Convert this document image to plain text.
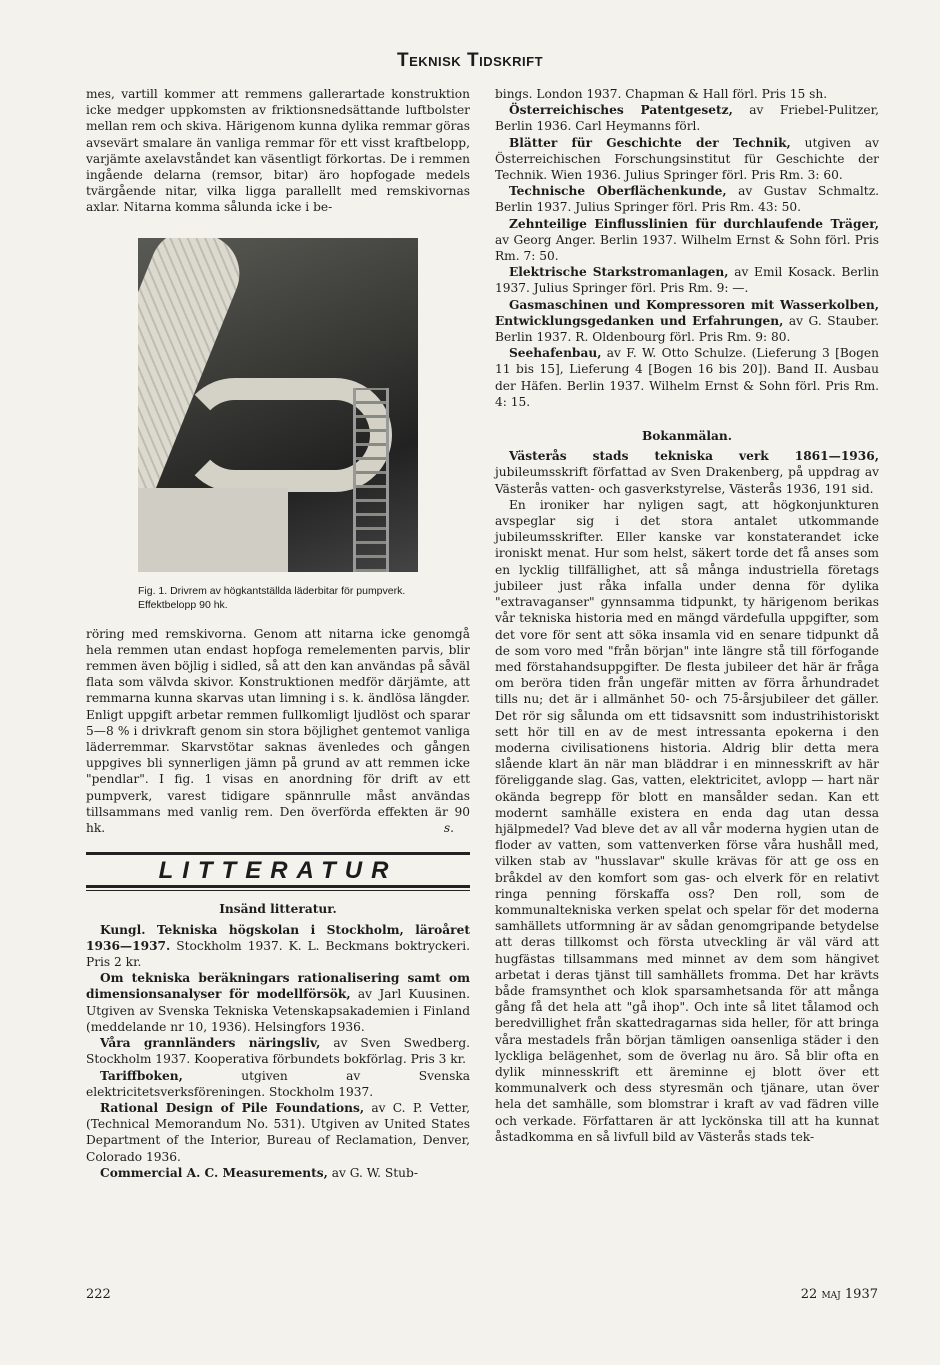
Teknisk Tidskrift

mes, vartill kommer att remmens gallerartade konstruktion icke medger uppkomsten av friktionsnedsättande luftbolster mellan rem och skiva. Härigenom kunna dylika remmar göras avsevärt smalare än vanliga remmar för ett visst kraftbelopp, varjämte axelavståndet kan väsentligt förkortas. De i remmen ingående delarna (remsor, bitar) äro hopfogade medels tvärgående nitar, vilka ligga parallellt med remskivornas axlar. Nitarna komma sålunda icke i be-

Fig. 1. Drivrem av högkantställda läderbitar för pumpverk. Effektbelopp 90 hk.

röring med remskivorna. Genom att nitarna icke genomgå hela remmen utan endast hopfoga remelementen parvis, blir remmen även böjlig i sidled, så att den kan användas på såväl flata som välvda skivor. Konstruktionen medför därjämte, att remmarna kunna skarvas utan limning i s. k. ändlösa längder. Enligt uppgift arbetar remmen fullkomligt ljudlöst och sparar 5—8 % i drivkraft genom sin stora böjlighet gentemot vanliga läderremmar. Skarvstötar saknas ävenledes och gången uppgives bli synnerligen jämn på grund av att remmen icke "pendlar". I fig. 1 visas en anordning för drift av ett pumpverk, varest tidigare spännrulle måst användas tillsammans med vanlig rem. Den överförda effekten är 90 hk.	s.

LITTERATUR
Insänd litteratur.

Kungl. Tekniska högskolan i Stockholm, läroåret 1936—1937. Stockholm 1937. K. L. Beckmans boktryckeri. Pris 2 kr.

Om tekniska beräkningars rationalisering samt om dimensionsanalyser för modellförsök, av Jarl Kuusinen. Utgiven av Svenska Tekniska Vetenskapsakademien i Finland (meddelande nr 10, 1936). Helsingfors 1936.

Våra grannländers näringsliv, av Sven Swedberg. Stockholm 1937. Kooperativa förbundets bokförlag. Pris 3 kr.

Tariffboken, utgiven av Svenska elektricitetsverksföreningen. Stockholm 1937.

Rational Design of Pile Foundations, av C. P. Vetter, (Technical Memorandum No. 531). Utgiven av United States Department of the Interior, Bureau of Reclamation, Denver, Colorado 1936.

Commercial A. C. Measurements, av G. W. Stub-

bings. London 1937. Chapman & Hall förl. Pris 15 sh.

Österreichisches Patentgesetz, av Friebel-Pulitzer, Berlin 1936. Carl Heymanns förl.

Blätter für Geschichte der Technik, utgiven av Österreichischen Forschungsinstitut für Geschichte der Technik. Wien 1936. Julius Springer förl. Pris Rm. 3: 60.

Technische Oberflächenkunde, av Gustav Schmaltz. Berlin 1937. Julius Springer förl. Pris Rm. 43: 50.

Zehnteilige Einflusslinien für durchlaufende Träger, av Georg Anger. Berlin 1937. Wilhelm Ernst & Sohn förl. Pris Rm. 7: 50.

Elektrische Starkstromanlagen, av Emil Kosack. Berlin 1937. Julius Springer förl. Pris Rm. 9: —.

Gasmaschinen und Kompressoren mit Wasserkolben, Entwicklungsgedanken und Erfahrungen, av G. Stauber. Berlin 1937. R. Oldenbourg förl. Pris Rm. 9: 80.

Seehafenbau, av F. W. Otto Schulze. (Lieferung 3 [Bogen 11 bis 15], Lieferung 4 [Bogen 16 bis 20]). Band II. Ausbau der Häfen. Berlin 1937. Wilhelm Ernst & Sohn förl. Pris Rm. 4: 15.

Bokanmälan.

Västerås stads tekniska verk 1861—1936, jubileumsskrift författad av Sven Drakenberg, på uppdrag av Västerås vatten- och gasverkstyrelse, Västerås 1936, 191 sid.

En ironiker har nyligen sagt, att högkonjunkturen avspeglar sig i det stora antalet utkommande jubileumsskrifter. Eller kanske var konstaterandet icke ironiskt menat. Hur som helst, säkert torde det få anses som en lycklig tillfällighet, att så många industriella företags jubileer just råka infalla under denna för dylika "extravaganser" gynnsamma tidpunkt, ty härigenom berikas vår tekniska historia med en mängd värdefulla uppgifter, som det vore för sent att söka insamla vid en senare tidpunkt då de som voro med "från början" inte längre stå till förfogande med förstahandsuppgifter. De flesta jubileer det här är fråga om beröra tiden från ungefär mitten av förra århundradet tills nu; det är i allmänhet 50- och 75-årsjubileer det gäller. Det rör sig sålunda om ett tidsavsnitt som industrihistoriskt sett hör till en av de mest intressanta epokerna i den moderna civilisationens historia. Aldrig blir detta mera slående klart än när man bläddrar i en minnesskrift av här föreliggande slag. Gas, vatten, elektricitet, avlopp — hart när okända begrepp för blott en mansålder sedan. Kan ett modernt samhälle existera en enda dag utan dessa hjälpmedel? Vad bleve det av all vår moderna hygien utan de floder av vatten, som vattenverken förse våra hushåll med, vilken stab av "husslavar" skulle krävas för att ge oss en bråkdel av den komfort som gas- och elverk för en relativt ringa penning förskaffa oss? Den roll, som de kommunaltekniska verken spelat och spelar för det moderna samhällets utformning är av sådan genomgripande betydelse att deras tillkomst och första utveckling är väl värd att hugfästas tillsammans med minnet av dem som hängivet arbetat i deras tjänst till samhällets fromma. Det har krävts både framsynthet och klok sparsamhetsanda för att många gång få det hela att "gå ihop". Och inte så litet tålamod och beredvillighet från skattedragarnas sida heller, för att bringa våra mestadels från början tämligen oansenliga städer i den lyckliga belägenhet, som de överlag nu äro. Så blir ofta en dylik minnesskrift ett äreminne ej blott över ett kommunalverk och dess styresmän och tjänare, utan över hela det samhälle, som blomstrar i kraft av vad fädren ville och verkade. Författaren är att lyckönska till att ha kunnat åstadkomma en så livfull bild av Västerås stads tek-

222	22 maj 1937
